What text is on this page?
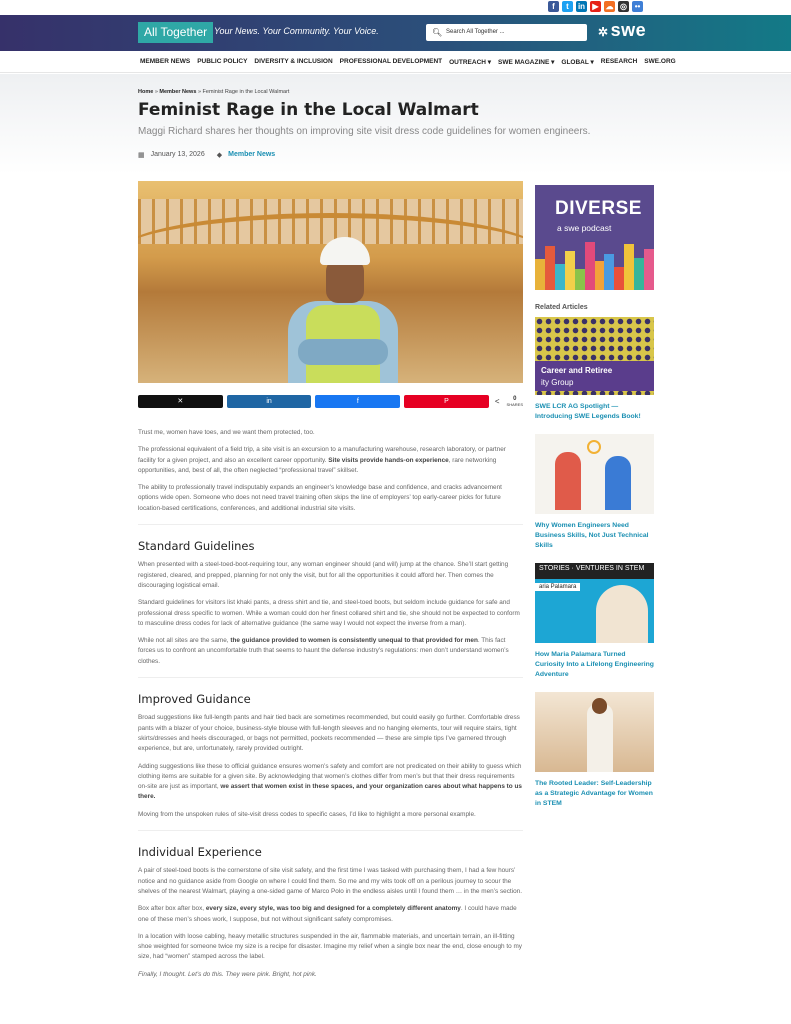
f	t	in ▶ ☁ ◎ ••
All Together Your News. Your Community. Your Voice.	🔍︎ Search All Together ...	✲ swe
MEMBER NEWS PUBLIC POLICY DIVERSITY & INCLUSION PROFESSIONAL DEVELOPMENT OUTREACH ▾ SWE MAGAZINE ▾ GLOBAL ▾ RESEARCH SWE.ORG
Home » Member News » Feminist Rage in the Local Walmart
Feminist Rage in the Local Walmart
Maggi Richard shares her thoughts on improving site visit dress code guidelines for women engineers.
▦ January 13, 2026 ◆ Member News
✕	in	f	P	<	0
SHARES

Trust me, women have toes, and we want them protected, too.

The professional equivalent of a field trip, a site visit is an excursion to a manufacturing warehouse, research laboratory, or partner facility for a given project, and also an excellent career opportunity. Site visits provide hands-on experience, rare networking opportunities, and, best of all, the often neglected “professional travel” skillset.

The ability to professionally travel indisputably expands an engineer’s knowledge base and confidence, and cracks advancement options wide open. Someone who does not need travel training often skips the line of employers’ top early-career picks for future location-based certifications, conferences, and additional industrial site visits.

Standard Guidelines

When presented with a steel-toed-boot-requiring tour, any woman engineer should (and will) jump at the chance. She’ll start getting registered, cleared, and prepped, planning for not only the visit, but for all the opportunities it could afford her. Then comes the discouraging logistical email.

Standard guidelines for visitors list khaki pants, a dress shirt and tie, and steel-toed boots, but seldom include guidance for safe and professional dress specific to women. While a woman could don her finest collared shirt and tie, she should not be expected to conform to masculine dress codes for lack of alternative guidance (the same way I would not expect the inverse from a man).

While not all sites are the same, the guidance provided to women is consistently unequal to that provided for men. This fact forces us to confront an uncomfortable truth that seems to haunt the defense industry’s regulations: men don’t understand women’s clothes.

Improved Guidance

Broad suggestions like full-length pants and hair tied back are sometimes recommended, but could easily go further. Comfortable dress pants with a blazer of your choice, business-style blouse with full-length sleeves and no hanging elements, tour will require stairs, tight skirts/dresses and heels discouraged, or bags not permitted, pockets recommended — these are simple tips I’ve garnered through experience, but are, unfortunately, rarely provided outright.

Adding suggestions like these to official guidance ensures women’s safety and comfort are not predicated on their ability to guess which clothing items are suitable for a given site. By acknowledging that women’s clothes differ from men’s but that their dress requirements on-site are just as important, we assert that women exist in these spaces, and your organization cares about what happens to us there.

Moving from the unspoken rules of site-visit dress codes to specific cases, I’d like to highlight a more personal example.

Individual Experience

A pair of steel-toed boots is the cornerstone of site visit safety, and the first time I was tasked with purchasing them, I had a few hours’ notice and no guidance aside from Google on where I could find them. So me and my wits took off on a perilous journey to scour the shelves of the nearest Walmart, playing a one-sided game of Marco Polo in the endless aisles until I found them … in the men’s section.

Box after box after box, every size, every style, was too big and designed for a completely different anatomy. I could have made one of these men’s shoes work, I suppose, but not without significant safety compromises.

In a location with loose cabling, heavy metallic structures suspended in the air, flammable materials, and uncertain terrain, an ill-fitting shoe weighted for someone twice my size is a recipe for disaster. Imagine my relief when a single box near the end, close enough to my size, had “women” stamped across the label.

Finally, I thought. Let’s do this. They were pink. Bright, hot pink.

DIVERSE
a swe podcast
Related Articles
Career and Retiree
ity Group
SWE LCR AG Spotlight — Introducing SWE Legends Book!
Why Women Engineers Need Business Skills, Not Just Technical Skills
STORIES · VENTURES IN STEM
aria Palamara
How Maria Palamara Turned Curiosity Into a Lifelong Engineering Adventure
The Rooted Leader: Self-Leadership as a Strategic Advantage for Women in STEM
